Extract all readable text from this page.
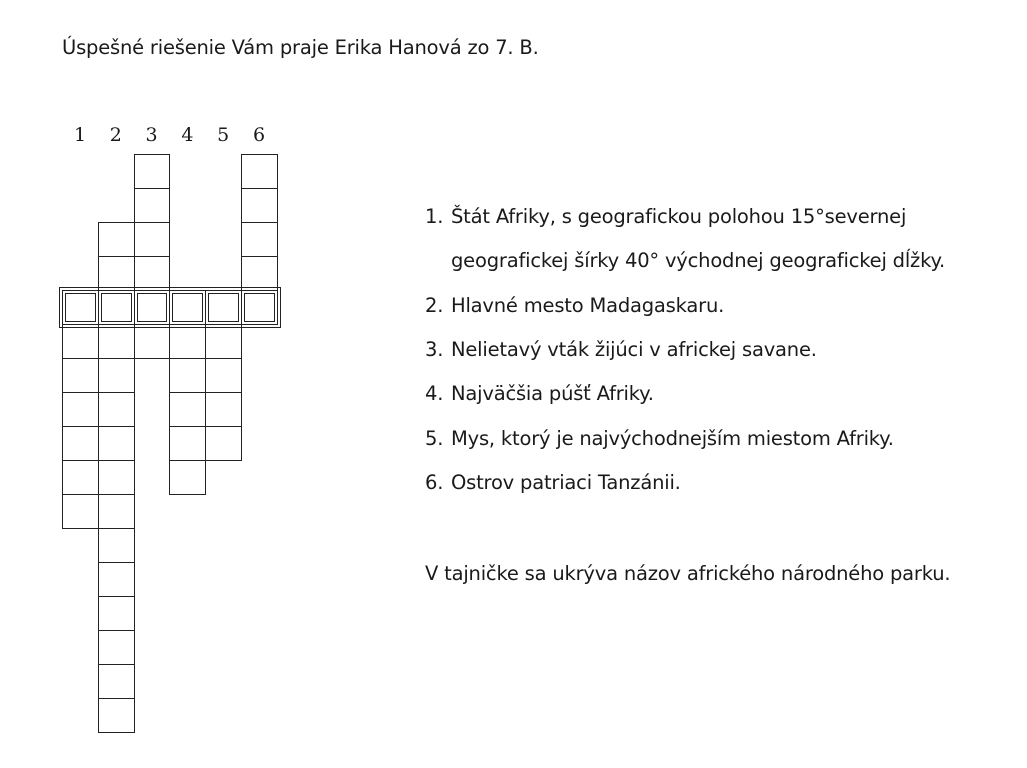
Úspešné riešenie Vám praje Erika Hanová zo 7. B.
1	2	3	4	5	6
1. Štát Afriky, s geografickou polohou 15°severnej
geografickej šírky 40° východnej geografickej dĺžky.
2. Hlavné mesto Madagaskaru.
3. Nelietavý vták žijúci v africkej savane.
4. Najväčšia púšť Afriky.
5. Mys, ktorý je najvýchodnejším miestom Afriky.
6. Ostrov patriaci Tanzánii.
V tajničke sa ukrýva názov afrického národného parku.
